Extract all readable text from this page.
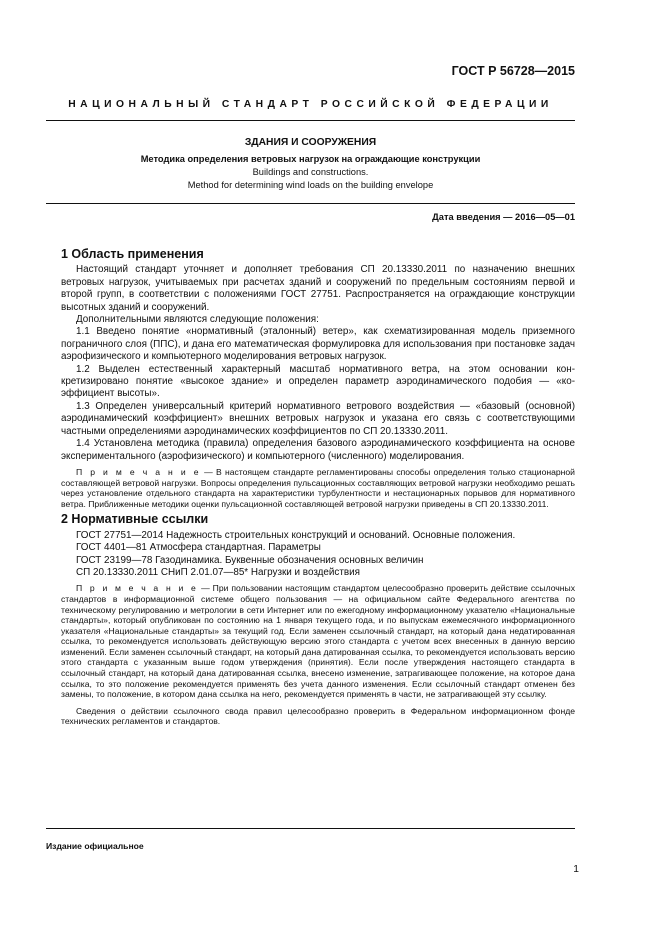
ГОСТ Р 56728—2015
НАЦИОНАЛЬНЫЙ СТАНДАРТ РОССИЙСКОЙ ФЕДЕРАЦИИ
ЗДАНИЯ И СООРУЖЕНИЯ
Методика определения ветровых нагрузок на ограждающие конструкции
Buildings and constructions.
Method for determining wind loads on the building envelope
Дата введения — 2016—05—01

1 Область применения

Настоящий стандарт уточняет и дополняет требования СП 20.13330.2011 по назначению внешних ветровых нагрузок, учитываемых при расчетах зданий и сооружений по предельным состояниям первой и второй групп, в соответствии с положениями ГОСТ 27751. Распространяется на ограждающие конструкции высотных зданий и сооружений.

Дополнительными являются следующие положения:

1.1 Введено понятие «нормативный (эталонный) ветер», как схематизированная модель приземного пограничного слоя (ППС), и дана его математическая формулировка для использования при постановке задач аэрофизического и компьютерного моделирования ветровых нагрузок.

1.2 Выделен естественный характерный масштаб нормативного ветра, на этом основании конкретизировано понятие «высокое здание» и определен параметр аэродинамического подобия — «коэффициент высоты».

1.3 Определен универсальный критерий нормативного ветрового воздействия — «базовый (основной) аэродинамический коэффициент» внешних ветровых нагрузок и указана его связь с соответствующими частными определениями аэродинамических коэффициентов по СП 20.13330.2011.

1.4 Установлена методика (правила) определения базового аэродинамического коэффициента на основе экспериментального (аэрофизического) и компьютерного (численного) моделирования.

П р и м е ч а н и е — В настоящем стандарте регламентированы способы определения только стационарной составляющей ветровой нагрузки. Вопросы определения пульсационных составляющих ветровой нагрузки необходимо решать через установление отдельного стандарта на характеристики турбулентности и нестационарных порывов для нормативного ветра. Приближенные методики оценки пульсационной составляющей ветровой нагрузки приведены в СП 20.13330.2011.

2 Нормативные ссылки

ГОСТ 27751—2014 Надежность строительных конструкций и оснований. Основные положения.

ГОСТ 4401—81 Атмосфера стандартная. Параметры

ГОСТ 23199—78 Газодинамика. Буквенные обозначения основных величин

СП 20.13330.2011 СНиП 2.01.07—85* Нагрузки и воздействия

П р и м е ч а н и е — При пользовании настоящим стандартом целесообразно проверить действие ссылочных стандартов в информационной системе общего пользования — на официальном сайте Федерального агентства по техническому регулированию и метрологии в сети Интернет или по ежегодному информационному указателю «Национальные стандарты», который опубликован по состоянию на 1 января текущего года, и по выпускам ежемесячного информационного указателя «Национальные стандарты» за текущий год. Если заменен ссылочный стандарт, на который дана недатированная ссылка, то рекомендуется использовать действующую версию этого стандарта с учетом всех внесенных в данную версию изменений. Если заменен ссылочный стандарт, на который дана датированная ссылка, то рекомендуется использовать версию этого стандарта с указанным выше годом утверждения (принятия). Если после утверждения настоящего стандарта в ссылочный стандарт, на который дана датированная ссылка, внесено изменение, затрагивающее положение, на которое дана ссылка, то это положение рекомендуется применять без учета данного изменения. Если ссылочный стандарт отменен без замены, то положение, в котором дана ссылка на него, рекомендуется применять в части, не затрагивающей эту ссылку.

Сведения о действии ссылочного свода правил целесообразно проверить в Федеральном информационном фонде технических регламентов и стандартов.

Издание официальное
1
